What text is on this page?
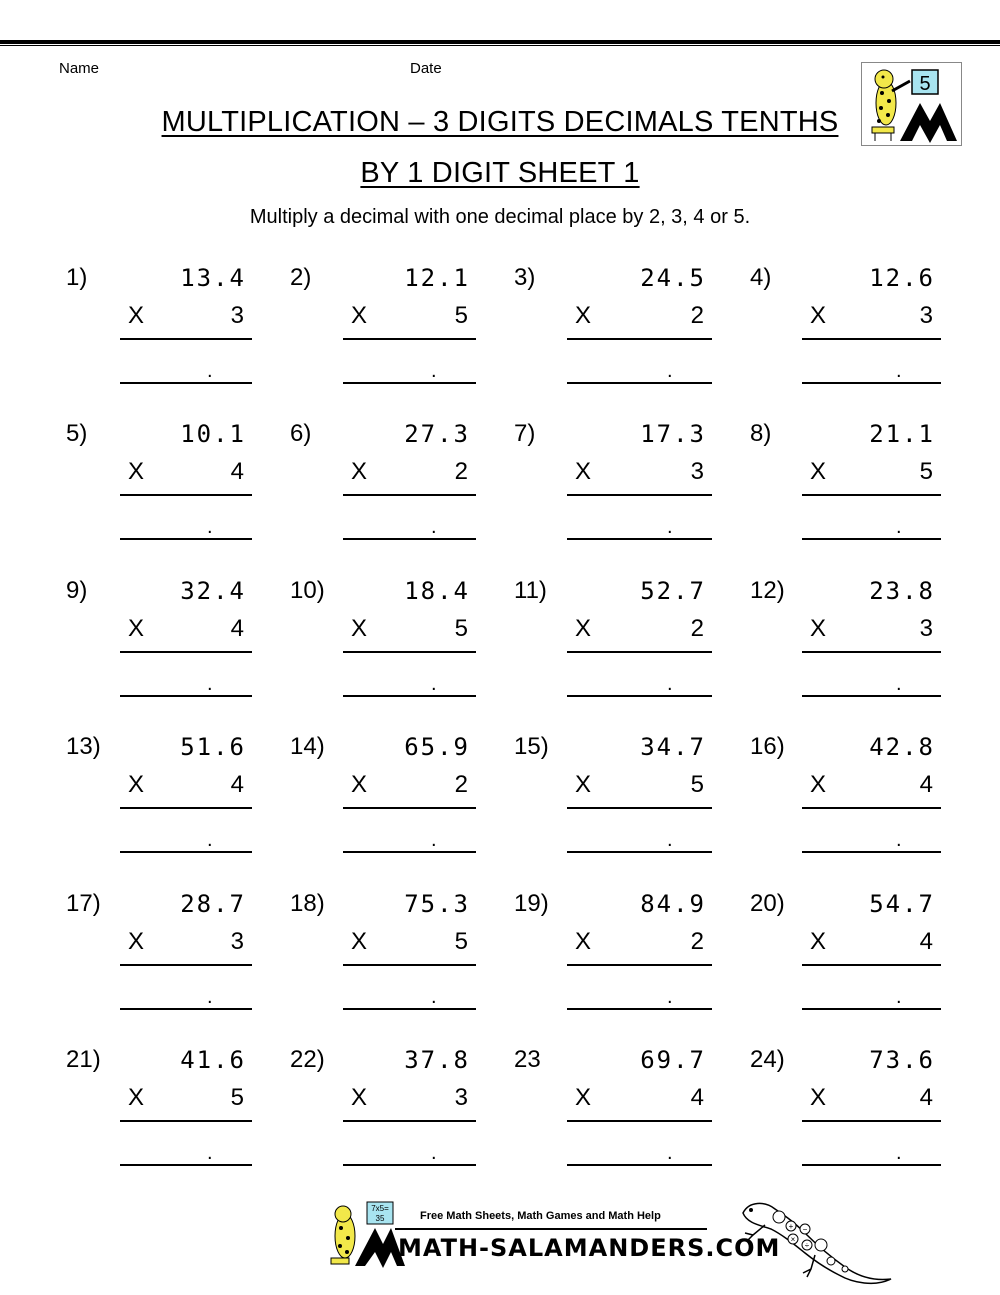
Name	Date
MULTIPLICATION – 3 DIGITS DECIMALS TENTHS
BY 1 DIGIT SHEET 1
Multiply a decimal with one decimal place by 2, 3, 4 or 5.
5
1)	13.4
X	3
.
2)	12.1
X	5
.
3)	24.5
X	2
.
4)	12.6
X	3
.
5)	10.1
X	4
.
6)	27.3
X	2
.
7)	17.3
X	3
.
8)	21.1
X	5
.
9)	32.4
X	4
.
10)	18.4
X	5
.
11)	52.7
X	2
.
12)	23.8
X	3
.
13)	51.6
X	4
.
14)	65.9
X	2
.
15)	34.7
X	5
.
16)	42.8
X	4
.
17)	28.7
X	3
.
18)	75.3
X	5
.
19)	84.9
X	2
.
20)	54.7
X	4
.
21)	41.6
X	5
.
22)	37.8
X	3
.
23	69.7
X	4
.
24)	73.6
X	4
.
7x5=
35	Free Math Sheets, Math Games and Math Help
MATH-SALAMANDERS.COM
+ −
×
÷
